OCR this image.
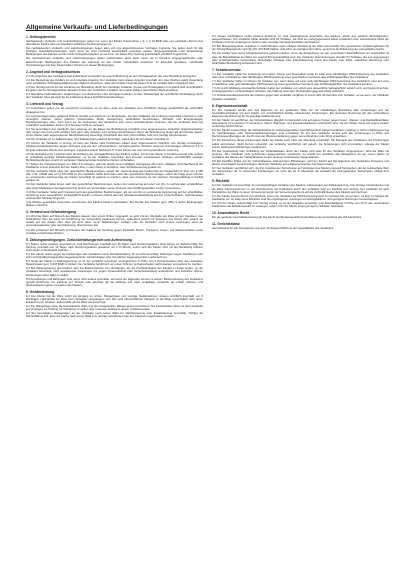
Allgemeine Verkaufs- und Lieferbedingungen
1. Geltungsbereich

Nachstehende Verkaufs- und Lieferbedingungen gelten nur, wenn der Käufer Unternehmer i. S. v. § 14 BGB oder eine juristische Person des öffentlichen Rechts oder ein öffentlich-rechtliches Sondervermögen ist.

Die nachstehenden Verkaufs- und Lieferbedingungen liegen allen von uns abgeschlossenen Verträgen zugrunde. Sie gelten auch für alle künftigen Geschäftsbeziehungen, auch wenn sie nicht nochmals ausdrücklich vereinbart werden. Entgegenstehende oder abweichende Bedingungen des Käufers werden nicht Vertragsbestandteil, es sei denn, wir haben ihrer Geltung ausdrücklich schriftlich zugestimmt.

Die nachstehenden Verkaufs- und Lieferbedingungen gelten insbesondere auch dann, wenn wir in Kenntnis entgegenstehender oder abweichender Bedingungen des Käufers die Lieferung an den Käufer vorbehaltlos ausführen. Im Einzelfall getroffene, individuelle Vereinbarungen mit dem Käufer haben Vorrang vor diesen Bedingungen.

2. Angebot und Vertragsabschluss

2.1 Die Angebote des Verkäufers sind freibleibend und stellen nur eine Aufforderung an den Vertragspartner dar, eine Bestellung abzugeben.

2.2 Die Bestellung des Käufers ist ein bindendes Angebot. Der Verkäufer kann dieses Angebot innerhalb von zwei Wochen durch Zusendung einer schriftlichen Auftragsbestätigung oder dadurch annehmen, dass dem Käufer innerhalb dieser Frist die bestellte Ware zugesandt wird.

2.3 Der Vertrag kommt mit der Annahme der Bestellung durch den Verkäufer zustande. Preise und Preisangaben im Angebot sind unverbindlich. Es gelten die bei Vertragsschluss aktuellen Preise des Verkäufers zuzüglich der jeweils gültigen gesetzlichen Mehrwertsteuer.

2.4 Mündliche Nebenabreden, Ergänzungen und Änderungen des Vertrages bedürfen zu ihrer Wirksamkeit der schriftlichen Bestätigung durch den Verkäufer. Dies gilt auch für die Aufhebung dieses Schriftformerfordernisses.

3. Lieferzeit und Verzug

3.1 Lieferfristen gelten nur als annähernd vereinbart, es sei denn, dass der Verkäufer eine schriftliche Zusage ausdrücklich als verbindlich abgegeben hat.

3.2 Lieferverzögerungen aufgrund höherer Gewalt und aufgrund von Ereignissen, die dem Verkäufer die Lieferung wesentlich erschweren oder unmöglich machen, hierzu gehören insbesondere Streik, Aussperrung, behördliche Anordnungen, Rohstoff- und Energiemangel, Betriebsstörungen usw., auch wenn sie bei Lieferanten des Verkäufers oder deren Unterlieferanten eintreten, hat der Verkäufer auch bei verbindlich vereinbarten Fristen und Terminen nicht zu vertreten.

3.3 Sie berechtigen den Verkäufer, die Lieferung um die Dauer der Behinderung zuzüglich einer angemessenen Anlaufzeit hinauszuschieben oder wegen des noch nicht erfüllten Teils ganz oder teilweise vom Vertrag zurückzutreten. Wenn die Behinderung länger als drei Monate dauert, ist der Käufer nach angemessener Nachfristsetzung berechtigt, hinsichtlich des noch nicht erfüllten Teils vom Vertrag zurückzutreten.

3.4 Der Verkäufer ist zu Teillieferungen und Teilleistungen jederzeit berechtigt, soweit dies für den Käufer zumutbar ist.

3.5 Kommt der Verkäufer in Verzug, so kann der Käufer nach fruchtlosem Ablauf einer angemessenen Nachfrist vom Vertrag zurücktreten. Schadensersatzansprüche wegen Verzuges sind auf den vorhersehbaren, vertragstypischen Schaden begrenzt und betragen höchstens 0,5 % für jede vollendete Woche des Verzuges, insgesamt jedoch höchstens 5 % des Wertes der vom Verzug betroffenen Lieferung.

3.6 Die Einhaltung der Lieferfrist setzt die Erfüllung der Vertragspflichten des Käufers voraus. Kommt der Käufer in Annahmeverzug oder verletzt er schuldhaft sonstige Mitwirkungspflichten, so ist der Verkäufer berechtigt, den insoweit entstehenden Schaden einschließlich etwaiger Mehraufwendungen ersetzt zu verlangen. Weitergehende Ansprüche bleiben vorbehalten.

3.7 Sofern die Voraussetzungen von Ziffer 3.6 vorliegen, geht die Gefahr eines zufälligen Untergangs oder einer zufälligen Verschlechterung der Kaufsache in dem Zeitpunkt auf den Käufer über, in dem dieser in Annahme- oder Schuldnerverzug geraten ist.

3.8 Der Verkäufer haftet nach den gesetzlichen Bestimmungen, soweit der zugrunde liegende Kaufvertrag ein Fixgeschäft im Sinn von § 286 Abs. 2 Nr. 4 BGB oder von § 376 HGB ist. Der Verkäufer haftet auch dann nach den gesetzlichen Bestimmungen, sofern als Folge eines von ihm zu vertretenden Lieferverzugs der Käufer berechtigt ist geltend zu machen, dass sein Interesse an der weiteren Vertragserfüllung in Fortfall geraten ist.

3.9 Der Verkäufer haftet ferner nach den gesetzlichen Bestimmungen, sofern der Lieferverzug auf einer von ihm zu vertretenden vorsätzlichen oder grob fahrlässigen Vertragsverletzung beruht; ein Verschulden seiner Vertreter oder Erfüllungsgehilfen ist ihm zuzurechnen.

3.10 Der Verkäufer haftet auch insoweit nach den gesetzlichen Bestimmungen, als der von ihm zu vertretende Lieferverzug auf der schuldhaften Verletzung einer wesentlichen Vertragspflicht beruht; in diesem Fall ist aber die Schadensersatzhaftung auf den vorhersehbaren, typischerweise eintretenden Schaden begrenzt.

3.11 Weitere gesetzliche Ansprüche und Rechte des Käufers bleiben vorbehalten. Die Rechte des Käufers gem. Ziffer 9 dieser Bedingungen bleiben unberührt.

4. Versand und Gefahrübergang

4.1 Wird die Ware auf Wunsch des Käufers diesem oder einem Dritten zugesandt, so geht mit der Übergabe der Ware an den Spediteur, den Frachtführer oder die sonst zur Ausführung der Versendung bestimmte Person, spätestens jedoch mit Verlassen des Werks oder Lagers die Gefahr auf den Käufer über. Dies gilt auch dann, wenn Teillieferungen erfolgen oder der Verkäufer noch andere Leistungen, etwa die Versendungskosten oder die Anlieferung, übernommen hat.

4.2 Wir versichern auf Wunsch und Kosten des Käufers die Sendung gegen Diebstahl, Bruch-, Transport-, Feuer- und Wasserschäden sowie sonstige versicherbare Risiken.

5. Zahlungsbedingungen, Zurückbehaltungsrecht und Aufrechnung

5.1 Sofern nichts anderes vereinbart ist, sind Rechnungen innerhalb von 30 Tagen nach Rechnungsdatum ohne Abzug zur Zahlung fällig. Bei Zahlung innerhalb von 10 Tagen nach Rechnungsdatum gewähren wir 2 % Skonto, sofern sich der Käufer nicht mit der Bezahlung früherer Lieferungen in Rückstand befindet.

5.2 Der Käufer leistet gegen die Forderungen des Verkäufers keine Zurückbehaltung. Er ist nicht berechtigt, Zahlungen wegen bestrittener oder nicht rechtskräftig festgestellter Gegenansprüche zurückzuhalten oder mit solchen Gegenansprüchen aufzurechnen.

5.3 Gerät der Käufer in Zahlungsverzug, so ist der Verkäufer berechtigt, Verzugszinsen in Höhe von 9 Prozentpunkten über dem jeweiligen Basiszinssatz gem. § 247 BGB zu fordern. Der Verkäufer behält sich vor, einen höheren Verzugsschaden nachzuweisen und geltend zu machen.

5.4 Bei Zahlungsverzug des Käufers oder bei Bekanntwerden von Umständen, die die Kreditwürdigkeit des Käufers in Frage stellen, ist der Verkäufer berechtigt, noch ausstehende Lieferungen nur gegen Vorauszahlung oder Sicherheitsleistung auszuführen und sämtliche offenen Forderungen sofort fällig zu stellen.

5.5 Anzahlungen und Zahlungen sind, wenn nicht anders vereinbart, auf eines der folgenden Konten zu leisten: Bankverbindung des Verkäufers gemäß Rechnung; bei Zahlung per Scheck oder Wechsel gilt die Zahlung erst nach endgültiger Gutschrift als erfolgt. Diskont- und Wechselspesen gehen zu Lasten des Käufers.

6. Gewährleistung

6.1 Der Käufer hat die Ware sofort bei Eingang zu prüfen. Mängelrügen und sonstige Reklamationen müssen schriftlich innerhalb von 8 Werktagen nach Erhalt der Ware beim Verkäufer eingegangen sein. Bei nicht offensichtlichen Mängeln ist die Rüge unverzüglich nach deren Entdeckung zu erheben; anderenfalls gilt die Ware als genehmigt.

6.2 Die Mängelrüge muss die beanstandete Ware und den festgestellten Mangel genau bezeichnen. Die beanstandete Ware ist dem Verkäufer auf Verlangen zur Prüfung zur Verfügung zu stellen oder in dessen Auftrag an diesen zurückzusenden.

6.3 Bei berechtigten Mängelrügen ist der Verkäufer nach seiner Wahl zur Nachbesserung oder Ersatzlieferung berechtigt. Schlägt die Nacherfüllung fehl, kann der Käufer nach seiner Wahl vom Vertrag zurücktreten oder den Kaufpreis angemessen mindern.

6.4 Soweit nachfolgend nichts anderes bestimmt ist, sind weitergehende Ansprüche des Käufers, gleich aus welchen Rechtsgründen, ausgeschlossen. Der Verkäufer haftet deshalb nicht für Schäden, die nicht am Liefergegenstand selbst entstanden sind; insbesondere haftet der Verkäufer nicht für entgangenen Gewinn oder sonstige Vermögensschäden des Käufers.

6.5 Die Mängelansprüche verjähren in zwölf Monaten nach erfolgter Ablieferung der Ware beim Käufer. Die gesetzlichen Verjährungsfristen für den Rückgriffsanspruch nach §§ 478, 479 BGB bleiben unberührt; sie betragen fünf Jahre, gerechnet ab Ablieferung der mangelhaften Sache.

6.6 Der Käufer kann keine Mängelansprüche geltend machen, wenn die Abweichung von der vereinbarten Beschaffenheit nur unerheblich ist oder die Brauchbarkeit der Ware nur unerheblich beeinträchtigt wird. Der Verkäufer übernimmt keine Gewähr für Schäden, die aus ungeeigneter oder unsachgemäßer Verwendung, fehlerhafter Montage oder Inbetriebsetzung durch den Käufer oder Dritte, natürlicher Abnutzung oder fehlerhafter Behandlung entstanden sind.

7. Schadensersatz

7.1 Der Verkäufer haftet bei Verletzung von Leben, Körper und Gesundheit sowie im Falle einer fahrlässigen Pflichtverletzung des Verkäufers oder einer vorsätzlichen oder fahrlässigen Pflichtverletzung eines gesetzlichen Vertreters oder Erfüllungsgehilfen des Verkäufers.

7.2 Der Verkäufer haftet im übrigen für Schäden nur, wenn diese auf einer grob fahrlässigen Pflichtverletzung des Verkäufers oder auf einer vorsätzlichen oder grob fahrlässigen Pflichtverletzung eines gesetzlichen Vertreters oder Erfüllungsgehilfen des Verkäufers beruhen.

7.3 Für leicht fahrlässig verursachte Schäden haftet der Verkäufer nur, sofern eine wesentliche Vertragspflicht verletzt wird, und begrenzt auf den vertragstypischen, vorhersehbaren Schaden. Die Haftung nach dem Produkthaftungsgesetz bleibt unberührt.

7.4 Schadensersatzansprüche des Käufers gegen den Verkäufer verjähren in einem Jahr ab Kenntnis vom Schaden, es sei denn, der Verkäufer handelte vorsätzlich.

8. Eigentumsvorbehalt

8.1 Der Verkäufer behält sich das Eigentum an der gelieferten Ware bis zur vollständigen Bezahlung aller Forderungen aus der Geschäftsverbindung mit dem Käufer vor, einschließlich künftig entstehender Forderungen. Bei laufender Rechnung gilt das vorbehaltene Eigentum als Sicherung für die jeweilige Saldoforderung.

8.2 Der Käufer ist verpflichtet, die Vorbehaltsware pfleglich zu behandeln und auf eigene Kosten gegen Feuer-, Wasser- und Diebstahlsschäden ausreichend zum Neuwert zu versichern. Sofern Wartungs- und Inspektionsarbeiten erforderlich sind, hat der Käufer diese auf eigene Kosten rechtzeitig durchzuführen.

8.3 Der Käufer ist berechtigt, die Vorbehaltsware im ordnungsgemäßen Geschäftsverkehr weiterzuveräußern, solange er nicht in Zahlungsverzug ist. Verpfändungen oder Sicherungsübereignungen sind unzulässig. Er tritt dem Verkäufer bereits jetzt alle Forderungen in Höhe des Rechnungsendbetrages ab, die ihm aus der Weiterveräußerung gegen seine Abnehmer oder Dritte erwachsen.

8.4 Zur Einziehung dieser Forderungen bleibt der Käufer auch nach der Abtretung ermächtigt. Die Befugnis des Verkäufers, die Forderungen selbst einzuziehen, bleibt hiervon unberührt; der Verkäufer verpflichtet sich jedoch, die Forderungen nicht einzuziehen, solange der Käufer seinen Zahlungsverpflichtungen nachkommt.

8.5 Die Verarbeitung oder Umbildung der Vorbehaltsware durch den Käufer wird stets für den Verkäufer vorgenommen. Wird die Ware mit anderen, dem Verkäufer nicht gehörenden Gegenständen verarbeitet, so erwirbt der Verkäufer das Miteigentum an der neuen Sache im Verhältnis des Wertes der Vorbehaltsware zu den anderen verarbeiteten Gegenständen.

8.6 Bei Zugriffen Dritter auf die Vorbehaltsware, insbesondere Pfändungen, wird der Käufer auf das Eigentum des Verkäufers hinweisen und diesen unverzüglich benachrichtigen, damit der Verkäufer seine Eigentumsrechte durchsetzen kann.

8.7 Der Verkäufer verpflichtet sich, die ihm zustehenden Sicherheiten auf Verlangen des Käufers insoweit freizugeben, als der realisierbare Wert der Sicherheiten die zu sichernden Forderungen um mehr als 10 % übersteigt; die Auswahl der freizugebenden Sicherheiten obliegt dem Verkäufer.

9. Rücktritt

9.1 Der Verkäufer ist berechtigt, bei vertragswidrigem Verhalten des Käufers, insbesondere bei Zahlungsverzug, vom Vertrag zurückzutreten und die Ware zurückzunehmen. In der Zurücknahme der Kaufsache durch den Verkäufer liegt ein Rücktritt vom Vertrag. Der Verkäufer ist nach Rücknahme der Ware zu deren Verwertung befugt; der Verwertungserlös ist auf die Verbindlichkeiten des Käufers anzurechnen.

9.2 Der Käufer hat kein Recht zum Rücktritt, sofern der Verkäufer die Pflichtverletzung nicht zu vertreten hat, es sei denn, es liegt ein Mangel der Kaufsache vor. Im Falle eines Rücktritts sind die empfangenen Leistungen zurückzugewähren und gezogene Nutzungen herauszugeben.

9.3 Tritt der Käufer unberechtigt vom Vertrag zurück, so ist der Verkäufer berechtigt, eine Entschädigung in Höhe von 15 % des vereinbarten Kaufpreises als Schadensersatz zu verlangen, sofern nicht der Käufer einen geringeren Schaden nachweist.

10. Anwendbares Recht

Für die gesamte Geschäftsbeziehung gilt das Recht der Bundesrepublik Deutschland unter Ausschluss des UN-Kaufrechts.

11. Gerichtsstand

Gerichtsstand für alle Streitigkeiten aus dem Vertragsverhältnis ist der Geschäftssitz des Verkäufers.
